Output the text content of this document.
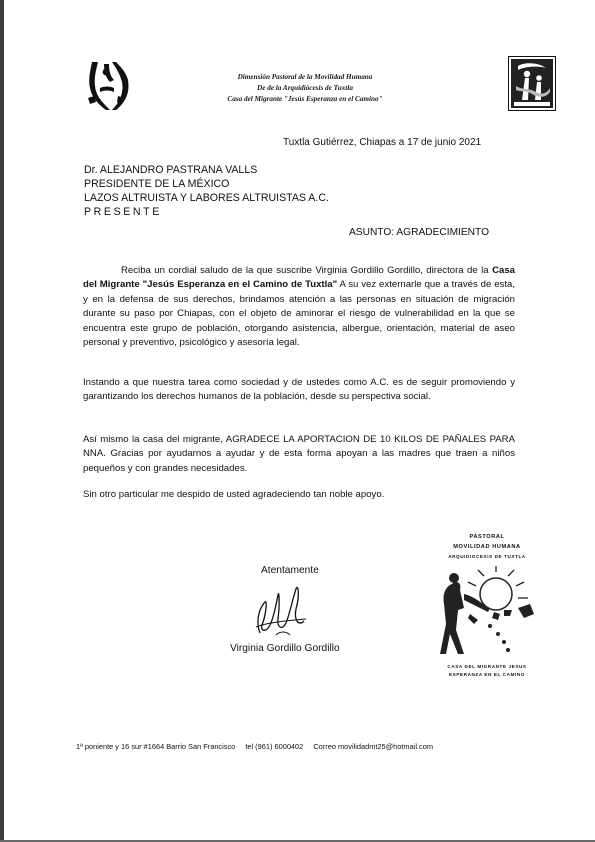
Dimensión Pastoral de la Movilidad Humana
De de la Arquidiócesis de Tuxtla
Casa del Migrante "Jesús Esperanza en el Camino"
Tuxtla Gutiérrez, Chiapas a 17 de junio 2021
Dr. ALEJANDRO PASTRANA VALLS
PRESIDENTE DE LA MÉXICO
LAZOS ALTRUISTA Y LABORES ALTRUISTAS A.C.
PRESENTE
ASUNTO: AGRADECIMIENTO

Reciba un cordial saludo de la que suscribe Virginia Gordillo Gordillo, directora de la Casa del Migrante "Jesús Esperanza en el Camino de Tuxtla" A su vez externarle que a través de esta, y en la defensa de sus derechos, brindamos atención a las personas en situación de migración durante su paso por Chiapas, con el objeto de aminorar el riesgo de vulnerabilidad en la que se encuentra este grupo de población, otorgando asistencia, albergue, orientación, material de aseo personal y preventivo, psicológico y asesoría legal.

Instando a que nuestra tarea como sociedad y de ustedes como A.C. es de seguir promoviendo y garantizando los derechos humanos de la población, desde su perspectiva social.

Así mismo la casa del migrante, AGRADECE LA APORTACION DE 10 KILOS DE PAÑALES PARA NNA. Gracias por ayudarnos a ayudar y de esta forma apoyan a las madres que traen a niños pequeños y con grandes necesidades.

Sin otro particular me despido de usted agradeciendo tan noble apoyo.

Atentamente
Virginia Gordillo Gordillo
PASTORAL
MOVILIDAD HUMANA
ARQUIDIOCESIS DE TUXTLA
CASA DEL MIGRANTE JESUS
ESPERANZA EN EL CAMINO
1ª poniente y 16 sur #1664 Barrio San Francisco tel (961) 6000402 Correo movilidadmt25@hotmail.com
